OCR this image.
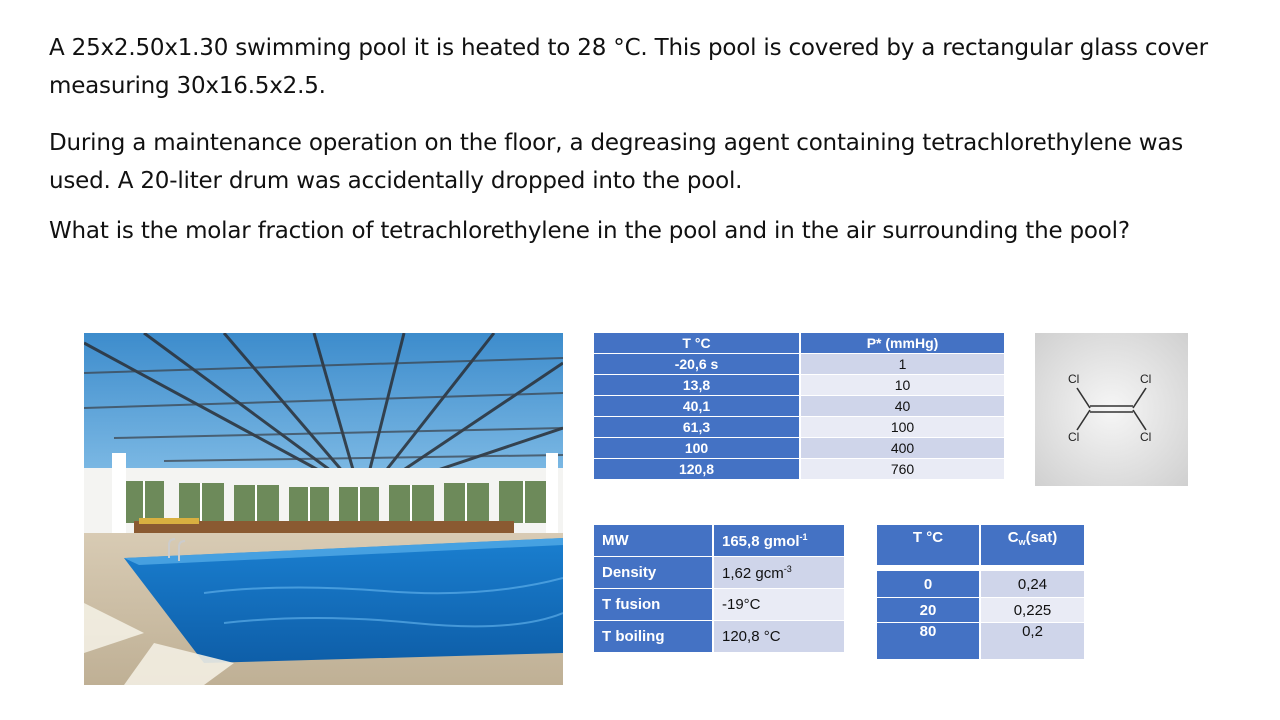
A 25x2.50x1.30 swimming pool it is heated to 28 °C. This pool is covered by a rectangular glass cover measuring 30x16.5x2.5.

During a maintenance operation on the floor, a degreasing agent containing tetrachlorethylene was used. A 20-liter drum was accidentally dropped into the pool.

What is the molar fraction of tetrachlorethylene in the pool and in the air surrounding the pool?

T °C	P* (mmHg)
-20,6 s	1
13,8	10
40,1	40
61,3	100
100	400
120,8	760
Cl	Cl
Cl	Cl
MW	165,8 gmol$^{-1}$
Density	1,62 gcm$^{-3}$
T fusion	-19°C
T boiling	120,8 °C
T °C	$C_w(sat)$

0	0,24
20	0,225
80	0,2
